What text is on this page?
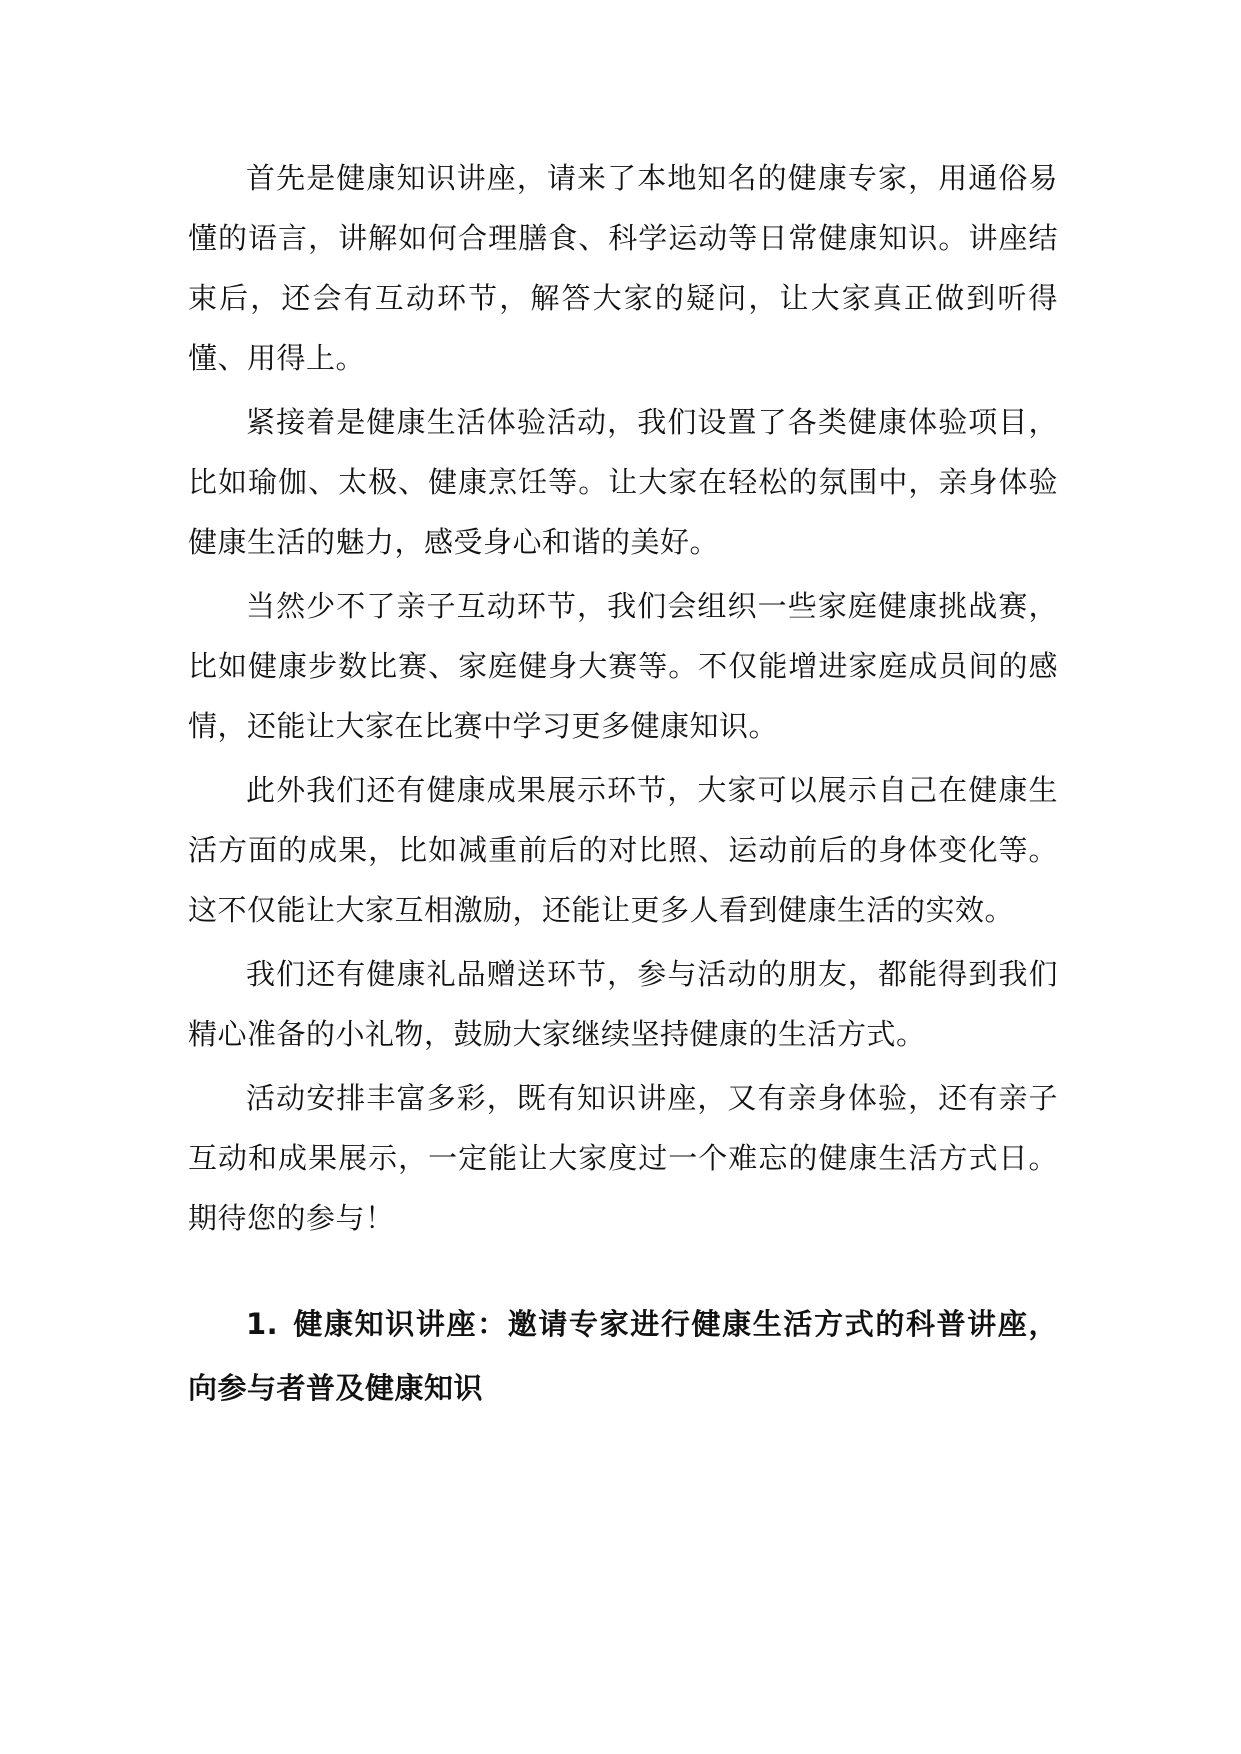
首先是健康知识讲座，请来了本地知名的健康专家，用通俗易懂的语言，讲解如何合理膳食、科学运动等日常健康知识。讲座结束后，还会有互动环节，解答大家的疑问，让大家真正做到听得懂、用得上。

紧接着是健康生活体验活动，我们设置了各类健康体验项目，比如瑜伽、太极、健康烹饪等。让大家在轻松的氛围中，亲身体验健康生活的魅力，感受身心和谐的美好。

当然少不了亲子互动环节，我们会组织一些家庭健康挑战赛，比如健康步数比赛、家庭健身大赛等。不仅能增进家庭成员间的感情，还能让大家在比赛中学习更多健康知识。

此外我们还有健康成果展示环节，大家可以展示自己在健康生活方面的成果，比如减重前后的对比照、运动前后的身体变化等。这不仅能让大家互相激励，还能让更多人看到健康生活的实效。

我们还有健康礼品赠送环节，参与活动的朋友，都能得到我们精心准备的小礼物，鼓励大家继续坚持健康的生活方式。

活动安排丰富多彩，既有知识讲座，又有亲身体验，还有亲子互动和成果展示，一定能让大家度过一个难忘的健康生活方式日。期待您的参与！

1. 健康知识讲座：邀请专家进行健康生活方式的科普讲座，向参与者普及健康知识
